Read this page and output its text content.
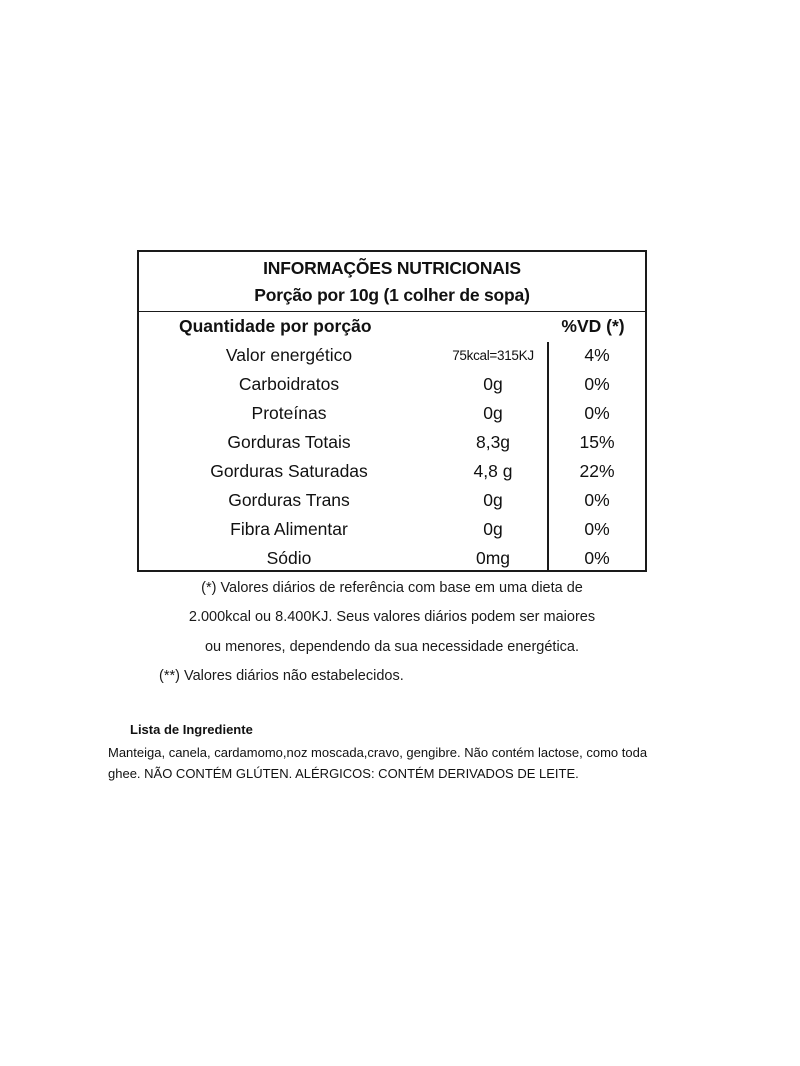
INFORMAÇÕES NUTRICIONAIS
Porção por 10g (1 colher de sopa)
Quantidade por porção	%VD (*)
Valor energético	75kcal=315KJ	4%
Carboidratos	0g	0%
Proteínas	0g	0%
Gorduras Totais	8,3g	15%
Gorduras Saturadas	4,8 g	22%
Gorduras Trans	0g	0%
Fibra Alimentar	0g	0%
Sódio	0mg	0%
(*) Valores diários de referência com base em uma dieta de
2.000kcal ou 8.400KJ. Seus valores diários podem ser maiores
ou menores, dependendo da sua necessidade energética.
(**) Valores diários não estabelecidos.
Lista de Ingrediente
Manteiga, canela, cardamomo,noz moscada,cravo, gengibre. Não contém lactose, como toda
ghee. NÃO CONTÉM GLÚTEN. ALÉRGICOS: CONTÉM DERIVADOS DE LEITE.
